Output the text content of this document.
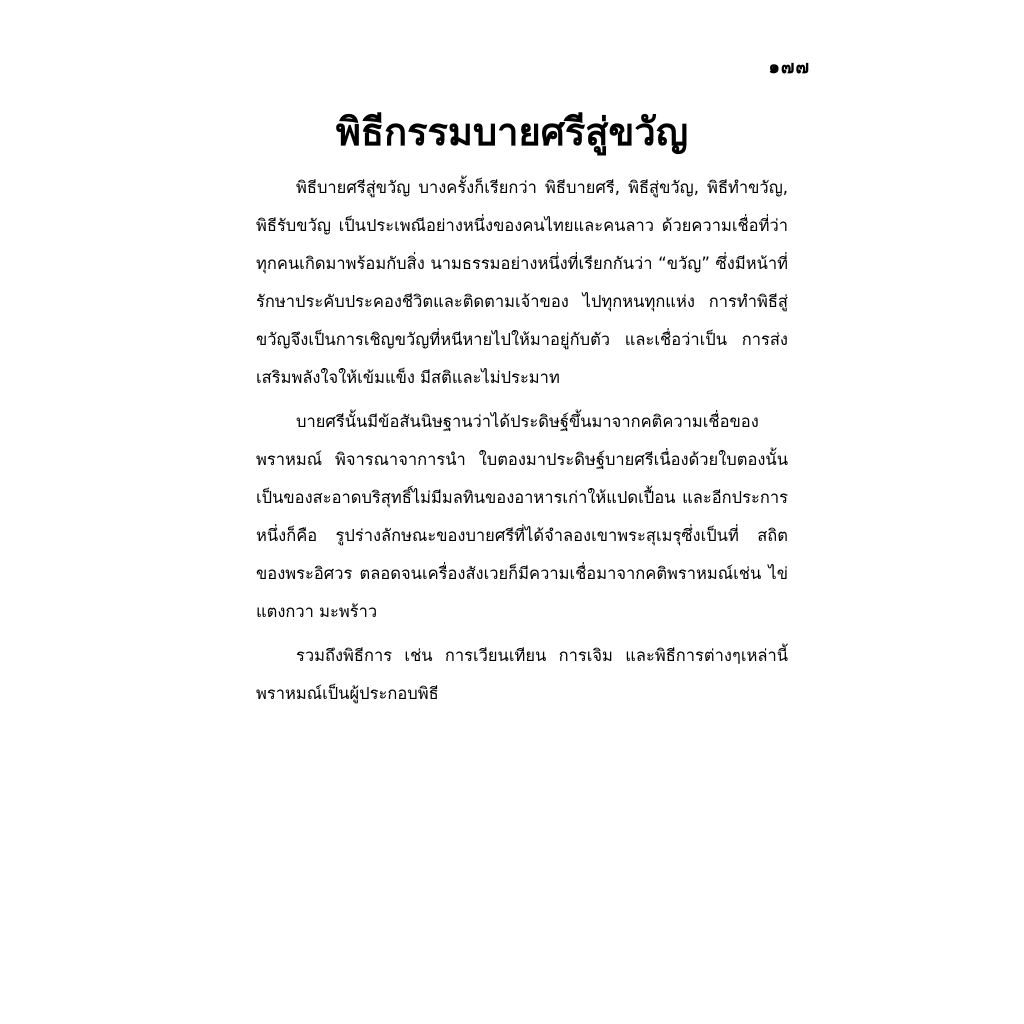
๑๗๗
พิธีกรรมบายศรีสู่ขวัญ

พิธีบายศรีสู่ขวัญ บางครั้งก็เรียกว่า พิธีบายศรี, พิธีสู่ขวัญ, พิธีทำขวัญ, พิธีรับขวัญ เป็นประเพณีอย่างหนึ่งของคนไทยและคนลาว ด้วยความเชื่อที่ว่าทุกคนเกิดมาพร้อมกับสิ่ง นามธรรมอย่างหนึ่งที่เรียกกันว่า “ขวัญ” ซึ่งมีหน้าที่รักษาประคับประคองชีวิตและติดตามเจ้าของ ไปทุกหนทุกแห่ง การทำพิธีสู่ขวัญจึงเป็นการเชิญขวัญที่หนีหายไปให้มาอยู่กับตัว และเชื่อว่าเป็น การส่งเสริมพลังใจให้เข้มแข็ง มีสติและไม่ประมาท

บายศรีนั้นมีข้อสันนิษฐานว่าได้ประดิษฐ์ขึ้นมาจากคติความเชื่อของพราหมณ์ พิจารณาจาการนำ ใบตองมาประดิษฐ์บายศรีเนื่องด้วยใบตองนั้นเป็นของสะอาดบริสุทธิ์ไม่มีมลทินของอาหารเก่าให้แปดเปื้อน และอีกประการหนึ่งก็คือ รูปร่างลักษณะของบายศรีที่ได้จำลองเขาพระสุเมรุซึ่งเป็นที่ สถิตของพระอิศวร ตลอดจนเครื่องสังเวยก็มีความเชื่อมาจากคติพราหมณ์เช่น ไข่ แตงกวา มะพร้าว

รวมถึงพิธีการ เช่น การเวียนเทียน การเจิม และพิธีการต่างๆเหล่านี้พราหมณ์เป็นผู้ประกอบพิธี
